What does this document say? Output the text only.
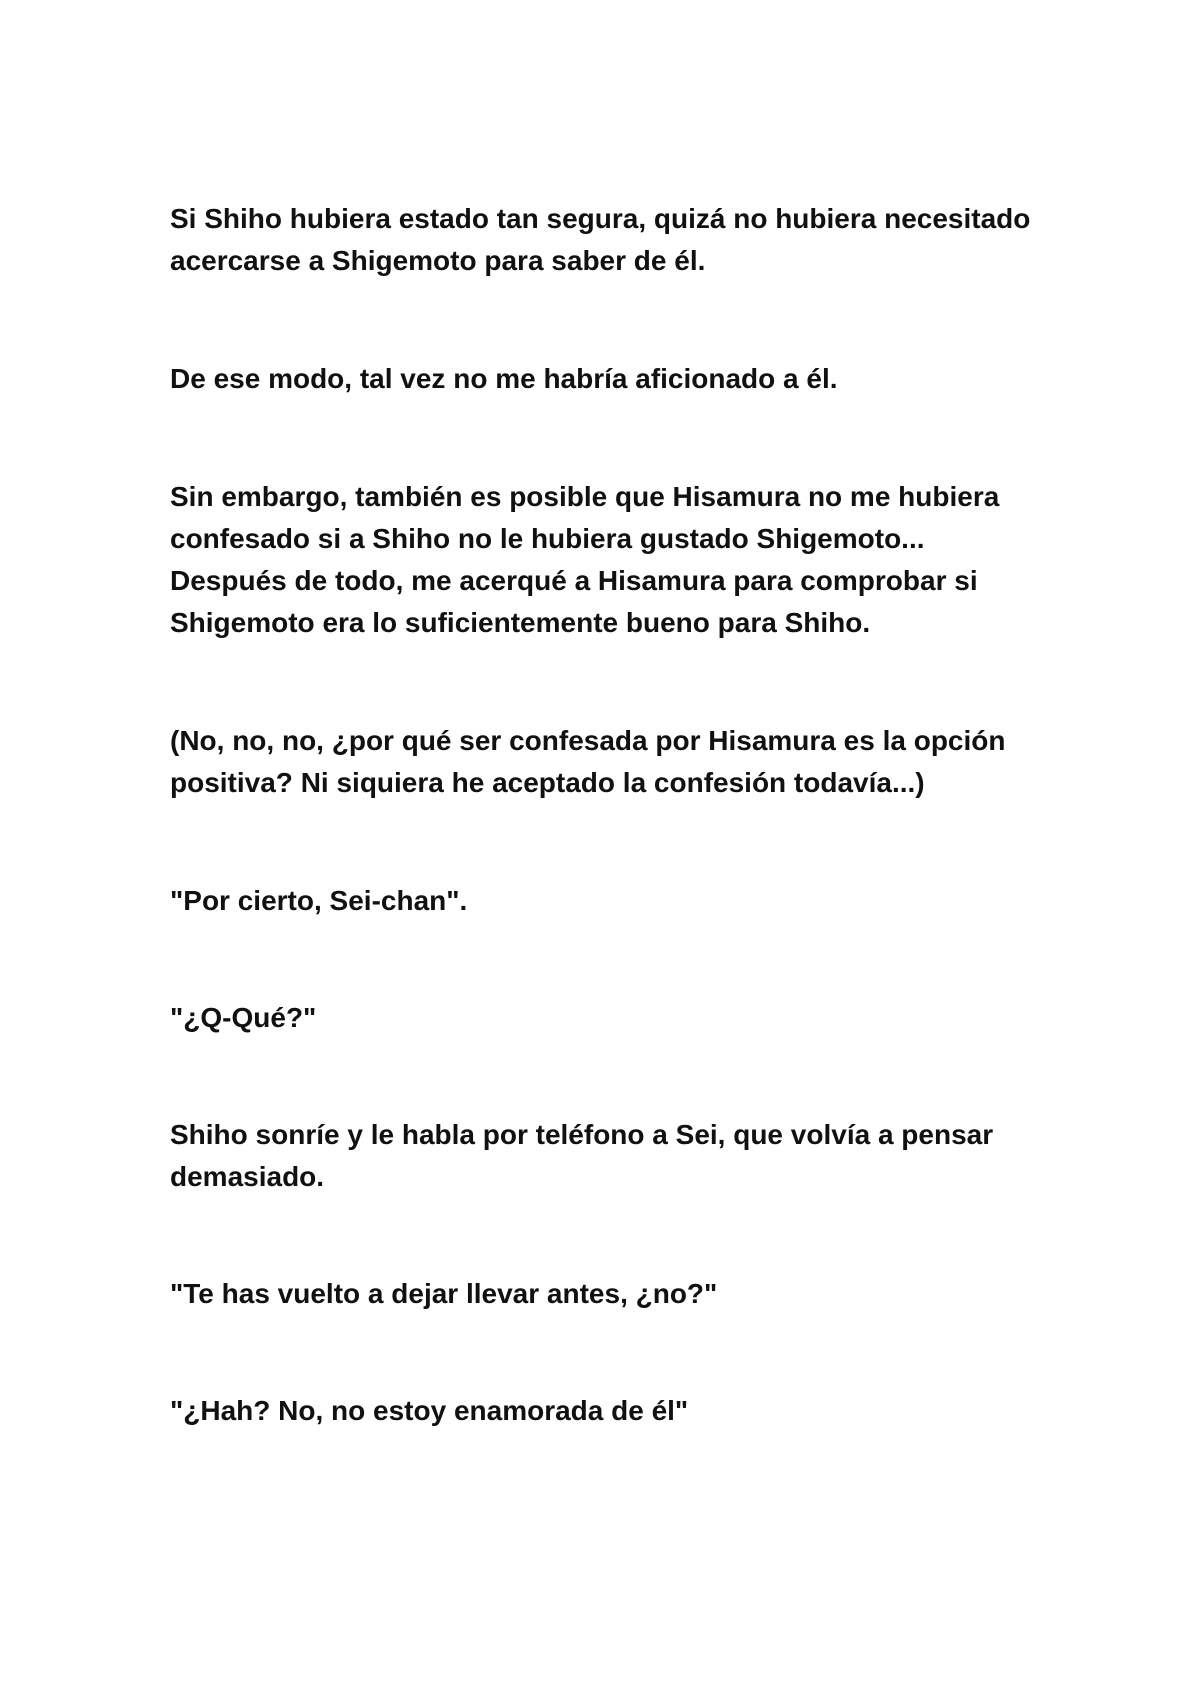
Si Shiho hubiera estado tan segura, quizá no hubiera necesitado
acercarse a Shigemoto para saber de él.

De ese modo, tal vez no me habría aficionado a él.

Sin embargo, también es posible que Hisamura no me hubiera
confesado si a Shiho no le hubiera gustado Shigemoto...
Después de todo, me acerqué a Hisamura para comprobar si
Shigemoto era lo suficientemente bueno para Shiho.

(No, no, no, ¿por qué ser confesada por Hisamura es la opción
positiva? Ni siquiera he aceptado la confesión todavía...)

"Por cierto, Sei-chan".

"¿Q-Qué?"

Shiho sonríe y le habla por teléfono a Sei, que volvía a pensar
demasiado.

"Te has vuelto a dejar llevar antes, ¿no?"

"¿Hah? No, no estoy enamorada de él"
